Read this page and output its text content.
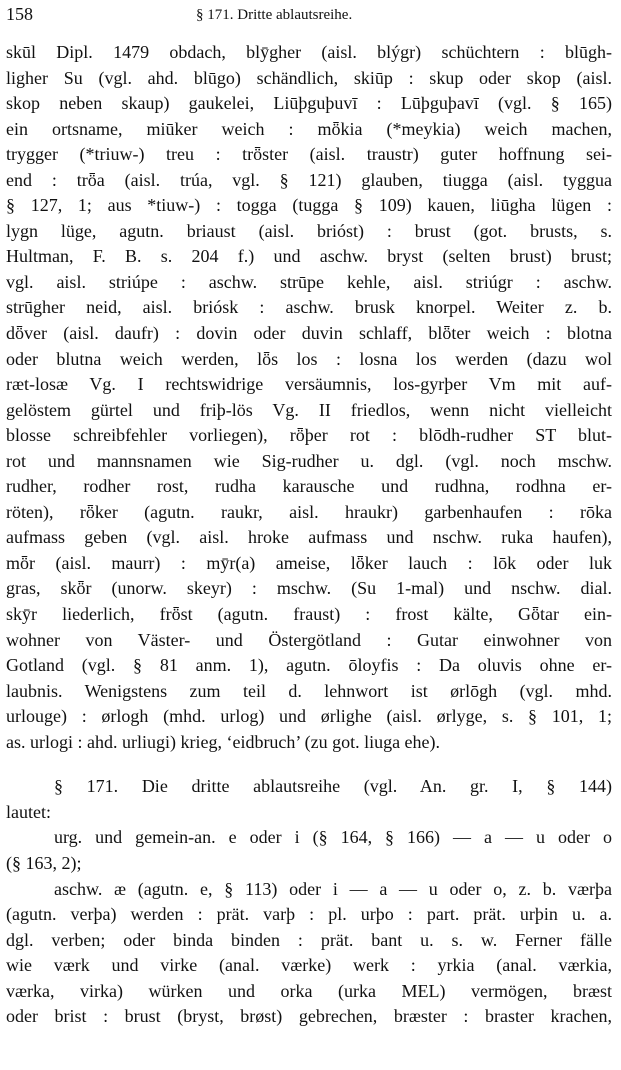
158	§ 171. Dritte ablautsreihe.
skūl Dipl. 1479 obdach, blȳgher (aisl. blýgr) schüchtern : blūgh-
ligher Su (vgl. ahd. blūgo) schändlich, skiūp : skup oder skop (aisl.
skop neben skaup) gaukelei, Liūþguþuvī : Lūþguþavī (vgl. § 165)
ein ortsname, miūker weich : mȫkia (*meykia) weich machen,
trygger (*triuw-) treu : trȫster (aisl. traustr) guter hoffnung sei-
end : trȫa (aisl. trúa, vgl. § 121) glauben, tiugga (aisl. tyggua
§ 127, 1; aus *tiuw-) : togga (tugga § 109) kauen, liūgha lügen :
lygn lüge, agutn. briaust (aisl. brióst) : brust (got. brusts, s.
Hultman, F. B. s. 204 f.) und aschw. bryst (selten brust) brust;
vgl. aisl. striúpe : aschw. strūpe kehle, aisl. striúgr : aschw.
strūgher neid, aisl. briósk : aschw. brusk knorpel. Weiter z. b.
dȫver (aisl. daufr) : dovin oder duvin schlaff, blȫter weich : blotna
oder blutna weich werden, lȫs los : losna los werden (dazu wol
ræt-losæ Vg. I rechtswidrige versäumnis, los-gyrþer Vm mit auf-
gelöstem gürtel und friþ-lös Vg. II friedlos, wenn nicht vielleicht
blosse schreibfehler vorliegen), rȫþer rot : blōdh-rudher ST blut-
rot und mannsnamen wie Sig-rudher u. dgl. (vgl. noch mschw.
rudher, rodher rost, rudha karausche und rudhna, rodhna er-
röten), rȫker (agutn. raukr, aisl. hraukr) garbenhaufen : rōka
aufmass geben (vgl. aisl. hroke aufmass und nschw. ruka haufen),
mȫr (aisl. maurr) : mȳr(a) ameise, lȫker lauch : lōk oder luk
gras, skȫr (unorw. skeyr) : mschw. (Su 1-mal) und nschw. dial.
skȳr liederlich, frȫst (agutn. fraust) : frost kälte, Gȫtar ein-
wohner von Väster- und Östergötland : Gutar einwohner von
Gotland (vgl. § 81 anm. 1), agutn. ōloyfis : Da oluvis ohne er-
laubnis. Wenigstens zum teil d. lehnwort ist ørlōgh (vgl. mhd.
urlouge) : ørlogh (mhd. urlog) und ørlighe (aisl. ørlyge, s. § 101, 1;
as. urlogi : ahd. urliugi) krieg, ‘eidbruch’ (zu got. liuga ehe).
§ 171. Die dritte ablautsreihe (vgl. An. gr. I, § 144)
lautet:
urg. und gemein-an. e oder i (§ 164, § 166) — a — u oder o
(§ 163, 2);
aschw. æ (agutn. e, § 113) oder i — a — u oder o, z. b. værþa
(agutn. verþa) werden : prät. varþ : pl. urþo : part. prät. urþin u. a.
dgl. verben; oder binda binden : prät. bant u. s. w. Ferner fälle
wie værk und virke (anal. værke) werk : yrkia (anal. værkia,
værka, virka) würken und orka (urka MEL) vermögen, bræst
oder brist : brust (bryst, brøst) gebrechen, bræster : braster krachen,
